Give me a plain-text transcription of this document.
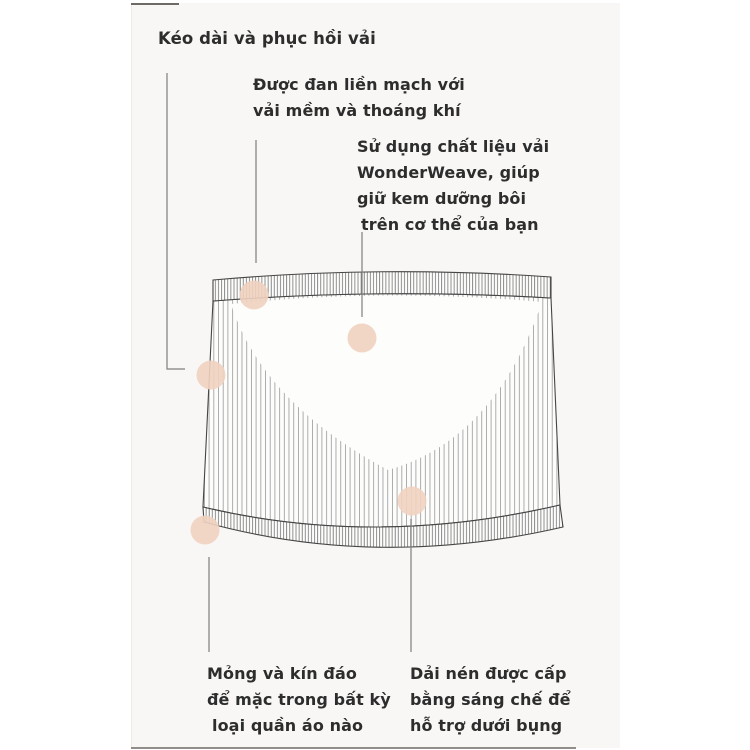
Kéo dài và phục hồi vải
Được đan liền mạch với
vải mềm và thoáng khí
Sử dụng chất liệu vải
WonderWeave, giúp
giữ kem dưỡng bôi
trên cơ thể của bạn
Mỏng và kín đáo
để mặc trong bất kỳ
loại quần áo nào
Dải nén được cấp
bằng sáng chế để
hỗ trợ dưới bụng
